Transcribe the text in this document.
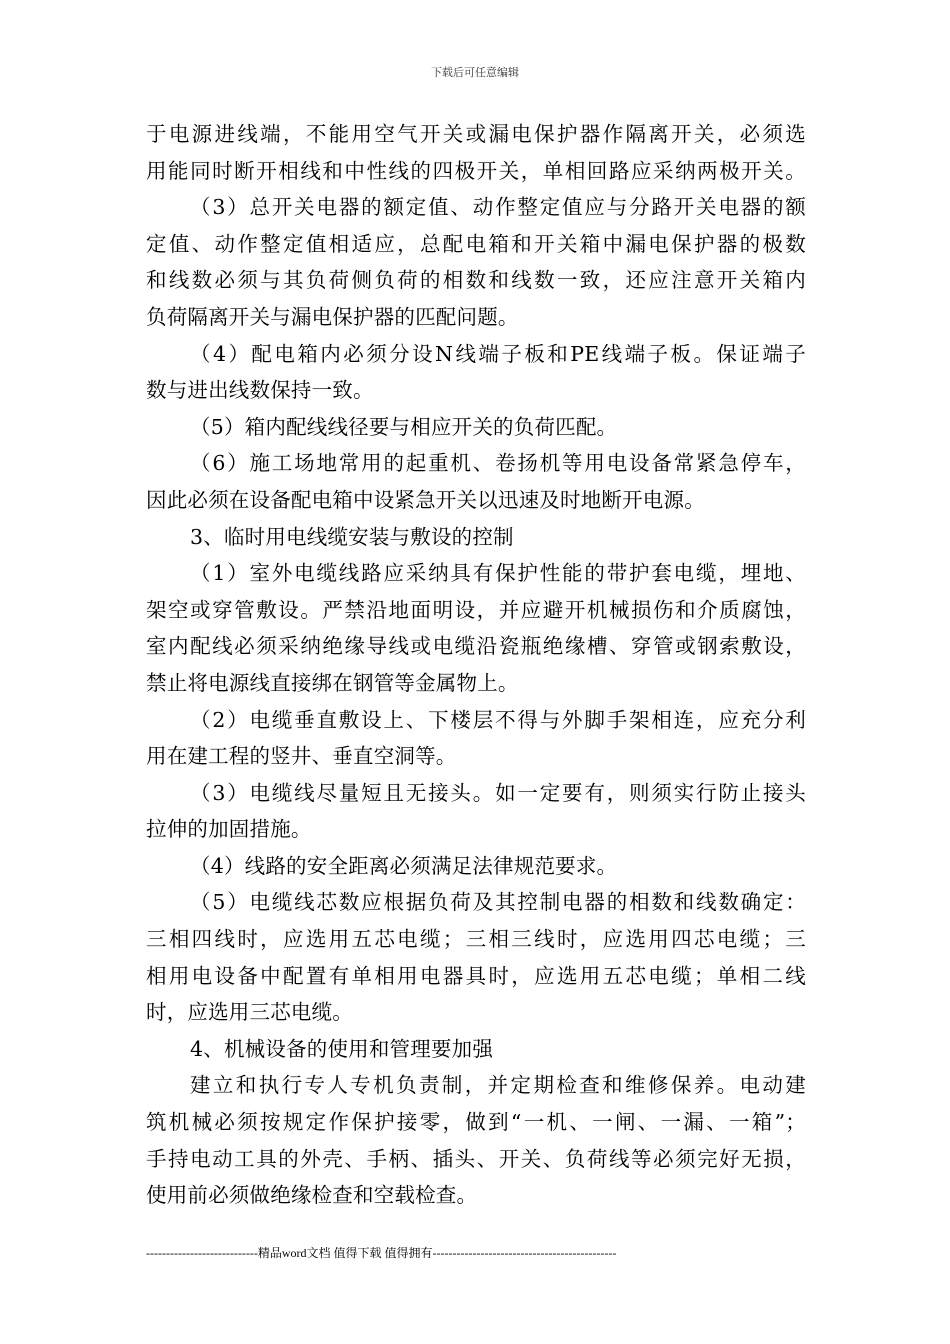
下载后可任意编辑
于电源进线端，不能用空气开关或漏电保护器作隔离开关，必须选
用能同时断开相线和中性线的四极开关，单相回路应采纳两极开关。
（3）总开关电器的额定值、动作整定值应与分路开关电器的额
定值、动作整定值相适应，总配电箱和开关箱中漏电保护器的极数
和线数必须与其负荷侧负荷的相数和线数一致，还应注意开关箱内
负荷隔离开关与漏电保护器的匹配问题。
（4）配电箱内必须分设N线端子板和PE线端子板。保证端子
数与进出线数保持一致。
（5）箱内配线线径要与相应开关的负荷匹配。
（6）施工场地常用的起重机、卷扬机等用电设备常紧急停车，
因此必须在设备配电箱中设紧急开关以迅速及时地断开电源。
3、临时用电线缆安装与敷设的控制
（1）室外电缆线路应采纳具有保护性能的带护套电缆，埋地、
架空或穿管敷设。严禁沿地面明设，并应避开机械损伤和介质腐蚀，
室内配线必须采纳绝缘导线或电缆沿瓷瓶绝缘槽、穿管或钢索敷设，
禁止将电源线直接绑在钢管等金属物上。
（2）电缆垂直敷设上、下楼层不得与外脚手架相连，应充分利
用在建工程的竖井、垂直空洞等。
（3）电缆线尽量短且无接头。如一定要有，则须实行防止接头
拉伸的加固措施。
（4）线路的安全距离必须满足法律规范要求。
（5）电缆线芯数应根据负荷及其控制电器的相数和线数确定：
三相四线时，应选用五芯电缆；三相三线时，应选用四芯电缆；三
相用电设备中配置有单相用电器具时，应选用五芯电缆；单相二线
时，应选用三芯电缆。
4、机械设备的使用和管理要加强
建立和执行专人专机负责制，并定期检查和维修保养。电动建
筑机械必须按规定作保护接零，做到“一机、一闸、一漏、一箱”；
手持电动工具的外壳、手柄、插头、开关、负荷线等必须完好无损，
使用前必须做绝缘检查和空载检查。
----------------------------精品word文档 值得下载 值得拥有----------------------------------------------
